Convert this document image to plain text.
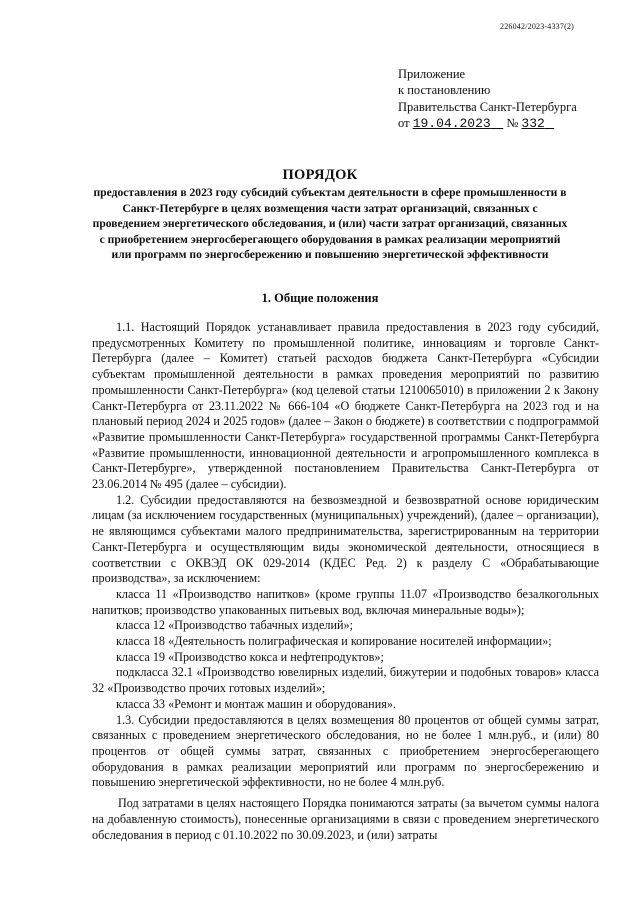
226042/2023-4337(2)
Приложение
к постановлению
Правительства Санкт-Петербурга
от 19.04.2023 № 332
ПОРЯДОК
предоставления в 2023 году субсидий субъектам деятельности в сфере промышленности в Санкт-Петербурге в целях возмещения части затрат организаций, связанных с проведением энергетического обследования, и (или) части затрат организаций, связанных с приобретением энергосберегающего оборудования в рамках реализации мероприятий или программ по энергосбережению и повышению энергетической эффективности
1. Общие положения

1.1. Настоящий Порядок устанавливает правила предоставления в 2023 году субсидий, предусмотренных Комитету по промышленной политике, инновациям и торговле Санкт-Петербурга (далее – Комитет) статьей расходов бюджета Санкт-Петербурга «Субсидии субъектам промышленной деятельности в рамках проведения мероприятий по развитию промышленности Санкт-Петербурга» (код целевой статьи 1210065010) в приложении 2 к Закону Санкт-Петербурга от 23.11.2022 № 666-104 «О бюджете Санкт-Петербурга на 2023 год и на плановый период 2024 и 2025 годов» (далее – Закон о бюджете) в соответствии с подпрограммой «Развитие промышленности Санкт-Петербурга» государственной программы Санкт-Петербурга «Развитие промышленности, инновационной деятельности и агропромышленного комплекса в Санкт-Петербурге», утвержденной постановлением Правительства Санкт-Петербурга от 23.06.2014 № 495 (далее – субсидии).

1.2. Субсидии предоставляются на безвозмездной и безвозвратной основе юридическим лицам (за исключением государственных (муниципальных) учреждений), (далее – организации), не являющимся субъектами малого предпринимательства, зарегистрированным на территории Санкт-Петербурга и осуществляющим виды экономической деятельности, относящиеся в соответствии с ОКВЭД ОК 029-2014 (КДЕС Ред. 2) к разделу С «Обрабатывающие производства», за исключением:

класса 11 «Производство напитков» (кроме группы 11.07 «Производство безалкогольных напитков; производство упакованных питьевых вод, включая минеральные воды»);

класса 12 «Производство табачных изделий»;

класса 18 «Деятельность полиграфическая и копирование носителей информации»;

класса 19 «Производство кокса и нефтепродуктов»;

подкласса 32.1 «Производство ювелирных изделий, бижутерии и подобных товаров» класса 32 «Производство прочих готовых изделий»;

класса 33 «Ремонт и монтаж машин и оборудования».

1.3. Субсидии предоставляются в целях возмещения 80 процентов от общей суммы затрат, связанных с проведением энергетического обследования, но не более 1 млн.руб., и (или) 80 процентов от общей суммы затрат, связанных с приобретением энергосберегающего оборудования в рамках реализации мероприятий или программ по энергосбережению и повышению энергетической эффективности, но не более 4 млн.руб.

Под затратами в целях настоящего Порядка понимаются затраты (за вычетом суммы налога на добавленную стоимость), понесенные организациями в связи с проведением энергетического обследования в период с 01.10.2022 по 30.09.2023, и (или) затраты
